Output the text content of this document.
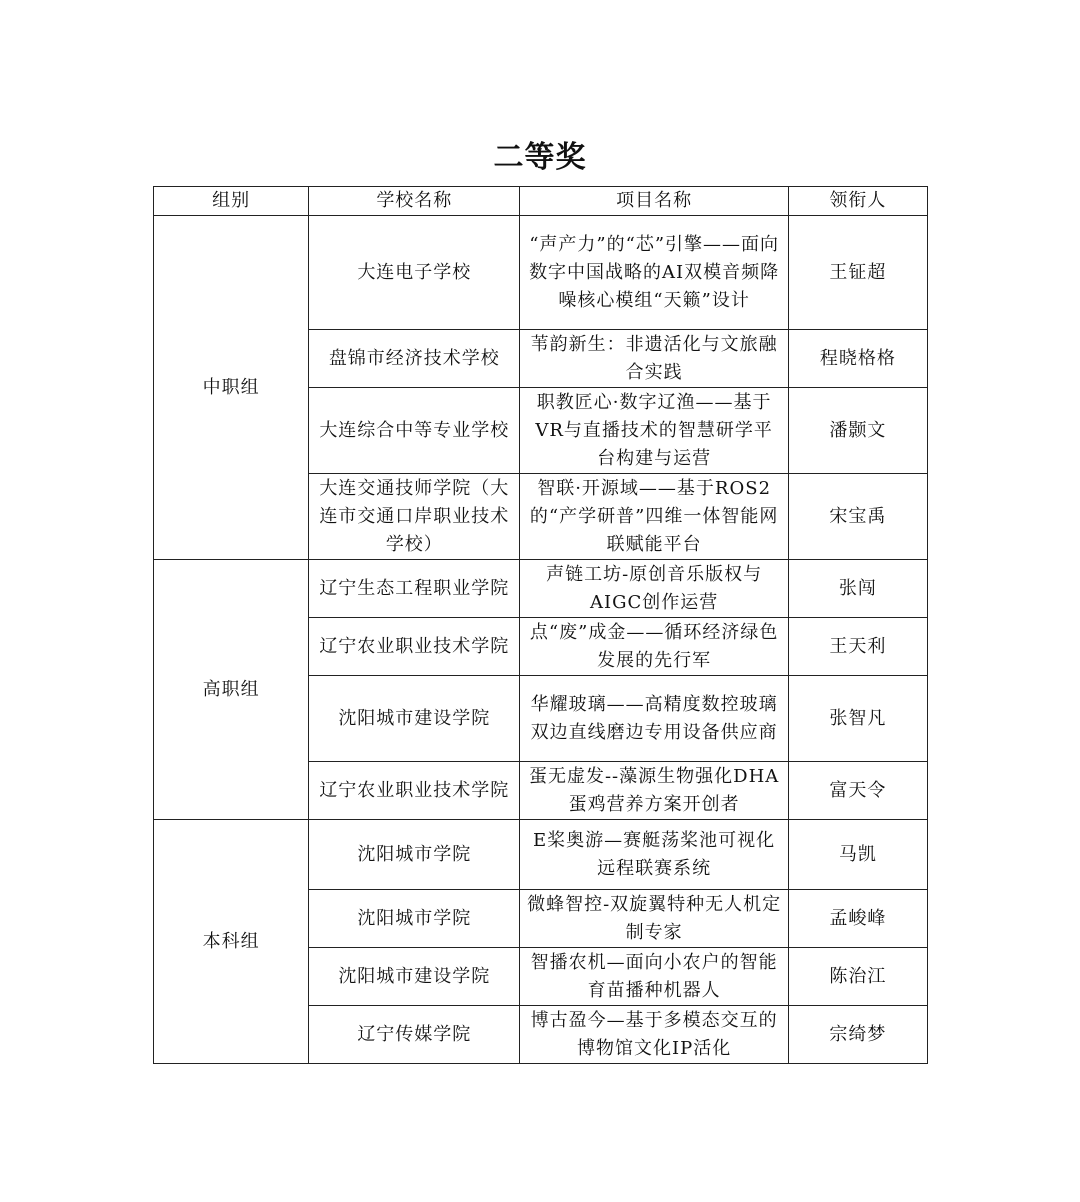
二等奖
组别	学校名称	项目名称	领衔人
中职组	大连电子学校	“声产力”的“芯”引擎——面向数字中国战略的AI双模音频降噪核心模组“天籁”设计	王钲超
	盘锦市经济技术学校	苇韵新生：非遗活化与文旅融合实践	程晓格格
	大连综合中等专业学校	职教匠心·数字辽渔——基于VR与直播技术的智慧研学平台构建与运营	潘颢文
	大连交通技师学院（大连市交通口岸职业技术学校）	智联·开源域——基于ROS2的“产学研普”四维一体智能网联赋能平台	宋宝禹
高职组	辽宁生态工程职业学院	声链工坊-原创音乐版权与AIGC创作运营	张闯
	辽宁农业职业技术学院	点“废”成金——循环经济绿色发展的先行军	王天利
	沈阳城市建设学院	华耀玻璃——高精度数控玻璃双边直线磨边专用设备供应商	张智凡
	辽宁农业职业技术学院	蛋无虚发--藻源生物强化DHA蛋鸡营养方案开创者	富天令
本科组	沈阳城市学院	E桨奥游—赛艇荡桨池可视化远程联赛系统	马凯
	沈阳城市学院	微蜂智控-双旋翼特种无人机定制专家	孟峻峰
	沈阳城市建设学院	智播农机—面向小农户的智能育苗播种机器人	陈治江
	辽宁传媒学院	博古盈今—基于多模态交互的博物馆文化IP活化	宗绮梦
